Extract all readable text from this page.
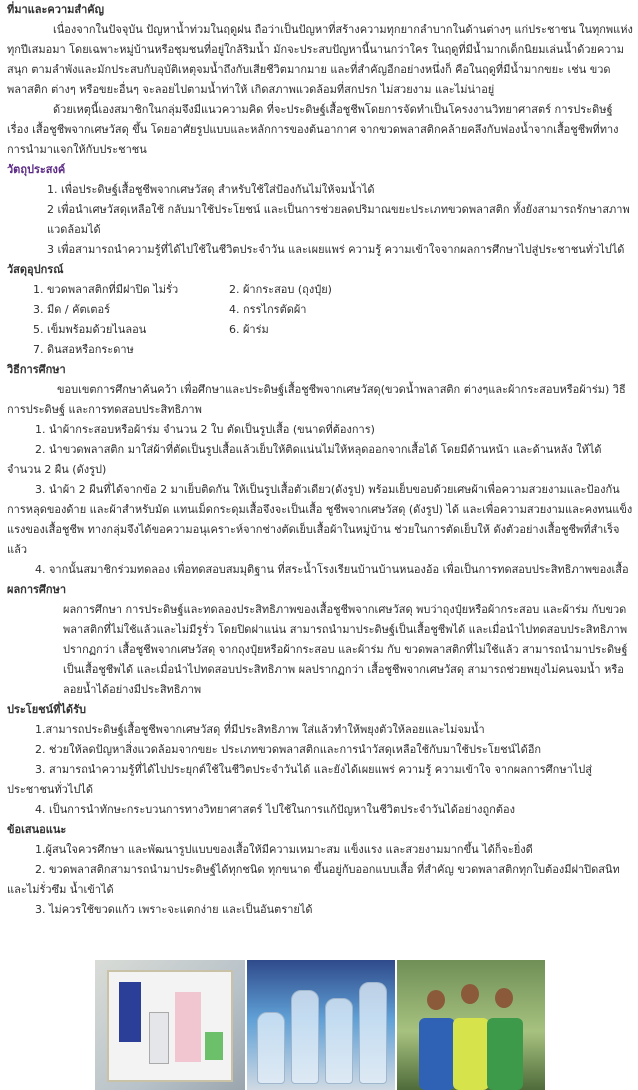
ที่มาและความสำคัญ

เนื่องจากในปัจจุบัน ปัญหาน้ำท่วมในฤดูฝน ถือว่าเป็นปัญหาที่สร้างความทุกยากลำบากในด้านต่างๆ แก่ประชาชน ในทุกพแห่ง ทุกปีเสมอมา โดยเฉพาะหมู่บ้านหรือชุมชนที่อยู่ใกล้ริมน้ำ มักจะประสบปัญหานี้นานกว่าใคร ในฤดูที่มีน้ำมากเด็กนิยมเล่นน้ำด้วยความสนุก ตามลำพังและมักประสบกับอุบัติเหตุจมน้ำถึงกับเสียชีวิตมากมาย และที่สำคัญอีกอย่างหนึ่งก็ คือในฤดูที่มีน้ำมากขยะ เช่น ขวดพลาสติก ต่างๆ หรือขยะอื่นๆ จะลอยไปตามน้ำท่าให้ เกิดสภาพแวดล้อมที่สกปรก ไม่สวยงาม และไม่น่าอยู่

ด้วยเหตุนี้เองสมาชิกในกลุ่มจึงมีแนวความคิด ที่จะประดิษฐ์เสื้อชูชีพโดยการจัดทำเป็นโครงงานวิทยาศาสตร์ การประดิษฐ์ เรื่อง เสื้อชูชีพจากเศษวัสดุ ขึ้น โดยอาศัยรูปแบบและหลักการของต้นอากาศ จากขวดพลาสติกคล้ายคลึงกับฟองน้ำจากเสื้อชูชีพที่ทางการนำมาแจกให้กับประชาชน

วัตถุประสงค์

1. เพื่อประดิษฐ์เสื้อชูชีพจากเศษวัสดุ สำหรับใช้ใส่ป้องกันไม่ให้จมน้ำได้

2 เพื่อนำเศษวัสดุเหลือใช้ กลับมาใช้ประโยชน์ และเป็นการช่วยลดปริมาณขยะประเภทขวดพลาสติก ทั้งยังสามารถรักษาสภาพแวดล้อมได้

3 เพื่อสามารถนำความรู้ที่ได้ไปใช้ในชีวิตประจำวัน และเผยแพร่ ความรู้ ความเข้าใจจากผลการศึกษาไปสู่ประชาชนทั่วไปได้

วัสดุอุปกรณ์

1. ขวดพลาสติกที่มีฝาปิด ไม่รั่ว	2. ผ้ากระสอบ (ถุงปุ๋ย)
3. มีด / คัตเตอร์	4. กรรไกรตัดผ้า
5. เข็มพร้อมด้วยไนลอน	6. ผ้าร่ม
7. ดินสอหรือกระดาษ

วิธีการศึกษา

ขอบเขตการศึกษาค้นคว้า เพื่อศึกษาและประดิษฐ์เสื้อชูชีพจากเศษวัสดุ(ขวดน้ำพลาสติก ต่างๆและผ้ากระสอบหรือผ้าร่ม) วิธีการประดิษฐ์ และการทดสอบประสิทธิภาพ

1. นำผ้ากระสอบหรือผ้าร่ม จำนวน 2 ใบ ตัดเป็นรูปเสื้อ (ขนาดที่ต้องการ)

2. นำขวดพลาสติก มาใส่ผ้าที่ตัดเป็นรูปเสื้อแล้วเย็บให้ติดแน่นไม่ให้หลุดออกจากเสื้อได้ โดยมีด้านหน้า และด้านหลัง ให้ได้จำนวน 2 ผืน (ดังรูป)

3. นำผ้า 2 ผืนที่ได้จากข้อ 2 มาเย็บติดกัน ให้เป็นรูปเสื้อตัวเดียว(ดังรูป) พร้อมเย็บขอบด้วยเศษผ้าเพื่อความสวยงามและป้องกันการหลุดของด้าย และผ้าสำหรับมัด แทนเม็ดกระดุมเสื้อจึงจะเป็นเสื้อ ชูชีพจากเศษวัสดุ (ดังรูป) ได้ และเพื่อความสวยงามและคงทนแข็งแรงของเสื้อชูชีพ ทางกลุ่มจึงได้ขอความอนุเคราะห์จากช่างตัดเย็บเสื้อผ้าในหมู่บ้าน ช่วยในการตัดเย็บให้ ดังตัวอย่างเสื้อชูชีพที่สำเร็จแล้ว

4. จากนั้นสมาชิกร่วมทดลอง เพื่อทดสอบสมมุติฐาน ที่สระน้ำโรงเรียนบ้านบ้านหนองอ้อ เพื่อเป็นการทดสอบประสิทธิภาพของเสื้อ

ผลการศึกษา

ผลการศึกษา การประดิษฐ์และทดลองประสิทธิภาพของเสื้อชูชีพจากเศษวัสดุ พบว่าถุงปุ๋ยหรือผ้ากระสอบ และผ้าร่ม กับขวดพลาสติกที่ไม่ใช้แล้วและไม่มีรูรั่ว โดยปิดฝาแน่น สามารถนำมาประดิษฐ์เป็นเสื้อชูชีพได้ และเมื่อนำไปทดสอบประสิทธิภาพปรากฏกว่า เสื้อชูชีพจากเศษวัสดุ จากถุงปุ๋ยหรือผ้ากระสอบ และผ้าร่ม กับ ขวดพลาสติกที่ไม่ใช้แล้ว สามารถนำมาประดิษฐ์เป็นเสื้อชูชีพได้ และเมื่อนำไปทดสอบประสิทธิภาพ ผลปรากฏกว่า เสื้อชูชีพจากเศษวัสดุ สามารถช่วยพยุงไม่คนจมน้ำ หรือลอยน้ำได้อย่างมีประสิทธิภาพ

ประโยชน์ที่ได้รับ

1.สามารถประดิษฐ์เสื้อชูชีพจากเศษวัสดุ ที่มีประสิทธิภาพ ใส่แล้วทำให้พยุงตัวให้ลอยและไม่จมน้ำ

2. ช่วยให้ลดปัญหาสิ่งแวดล้อมจากขยะ ประเภทขวดพลาสติกและการนำวัสดุเหลือใช้กับมาใช้ประโยชน์ได้อีก

3. สามารถนำความรู้ที่ได้ไปประยุกต์ใช้ในชีวิตประจำวันได้ และยังได้เผยแพร่ ความรู้ ความเข้าใจ จากผลการศึกษาไปสู่ประชาชนทั่วไปได้

4. เป็นการนำทักษะกระบวนการทางวิทยาศาสตร์ ไปใช้ในการแก้ปัญหาในชีวิตประจำวันได้อย่างถูกต้อง

ข้อเสนอแนะ

1.ผู้สนใจควรศึกษา และพัฒนารูปแบบของเสื้อให้มีความเหมาะสม แข็งแรง และสวยงามมากขึ้น ได้ก็จะยิ่งดี

2. ขวดพลาสติกสามารถนำมาประดิษฐ์ได้ทุกชนิด ทุกขนาด ขึ้นอยู่กับออกแบบเสื้อ ที่สำคัญ ขวดพลาสติกทุกใบต้องมีฝาปิดสนิท และไม่รั่วซึม น้ำเข้าได้

3. ไม่ควรใช้ขวดแก้ว เพราะจะแตกง่าย และเป็นอันตรายได้
